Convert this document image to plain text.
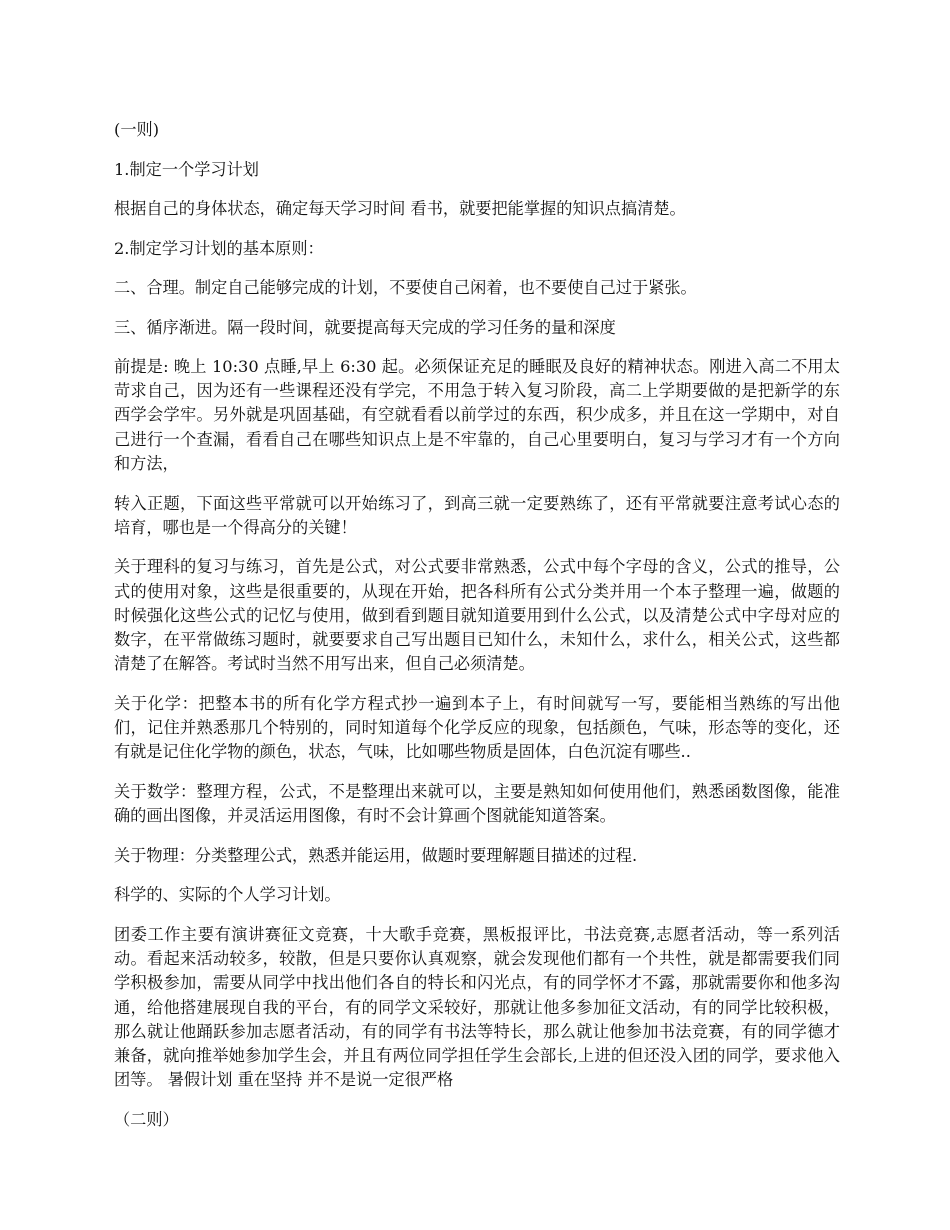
(一则)

1.制定一个学习计划

根据自己的身体状态，确定每天学习时间 看书，就要把能掌握的知识点搞清楚。

2.制定学习计划的基本原则：

二、合理。制定自己能够完成的计划，不要使自己闲着，也不要使自己过于紧张。

三、循序渐进。隔一段时间，就要提高每天完成的学习任务的量和深度

前提是: 晚上 10:30 点睡,早上 6:30 起。必须保证充足的睡眠及良好的精神状态。刚进入高二不用太苛求自己，因为还有一些课程还没有学完，不用急于转入复习阶段，高二上学期要做的是把新学的东西学会学牢。另外就是巩固基础，有空就看看以前学过的东西，积少成多，并且在这一学期中，对自己进行一个查漏，看看自己在哪些知识点上是不牢靠的，自己心里要明白，复习与学习才有一个方向和方法，

转入正题，下面这些平常就可以开始练习了，到高三就一定要熟练了，还有平常就要注意考试心态的培育，哪也是一个得高分的关键！

关于理科的复习与练习，首先是公式，对公式要非常熟悉，公式中每个字母的含义，公式的推导，公式的使用对象，这些是很重要的，从现在开始，把各科所有公式分类并用一个本子整理一遍，做题的时候强化这些公式的记忆与使用，做到看到题目就知道要用到什么公式，以及清楚公式中字母对应的数字，在平常做练习题时，就要要求自己写出题目已知什么，未知什么，求什么，相关公式，这些都清楚了在解答。考试时当然不用写出来，但自己必须清楚。

关于化学：把整本书的所有化学方程式抄一遍到本子上，有时间就写一写，要能相当熟练的写出他们，记住并熟悉那几个特别的，同时知道每个化学反应的现象，包括颜色，气味，形态等的变化，还有就是记住化学物的颜色，状态，气味，比如哪些物质是固体，白色沉淀有哪些..

关于数学：整理方程，公式，不是整理出来就可以，主要是熟知如何使用他们，熟悉函数图像，能准确的画出图像，并灵活运用图像，有时不会计算画个图就能知道答案。

关于物理：分类整理公式，熟悉并能运用，做题时要理解题目描述的过程.

科学的、实际的个人学习计划。

团委工作主要有演讲赛征文竞赛，十大歌手竞赛，黑板报评比，书法竞赛,志愿者活动，等一系列活动。看起来活动较多，较散，但是只要你认真观察，就会发现他们都有一个共性，就是都需要我们同学积极参加，需要从同学中找出他们各自的特长和闪光点，有的同学怀才不露，那就需要你和他多沟通，给他搭建展现自我的平台，有的同学文采较好，那就让他多参加征文活动，有的同学比较积极，那么就让他踊跃参加志愿者活动，有的同学有书法等特长，那么就让他参加书法竞赛，有的同学德才兼备，就向推举她参加学生会，并且有两位同学担任学生会部长,上进的但还没入团的同学，要求他入团等。 暑假计划 重在坚持 并不是说一定很严格

（二则）
